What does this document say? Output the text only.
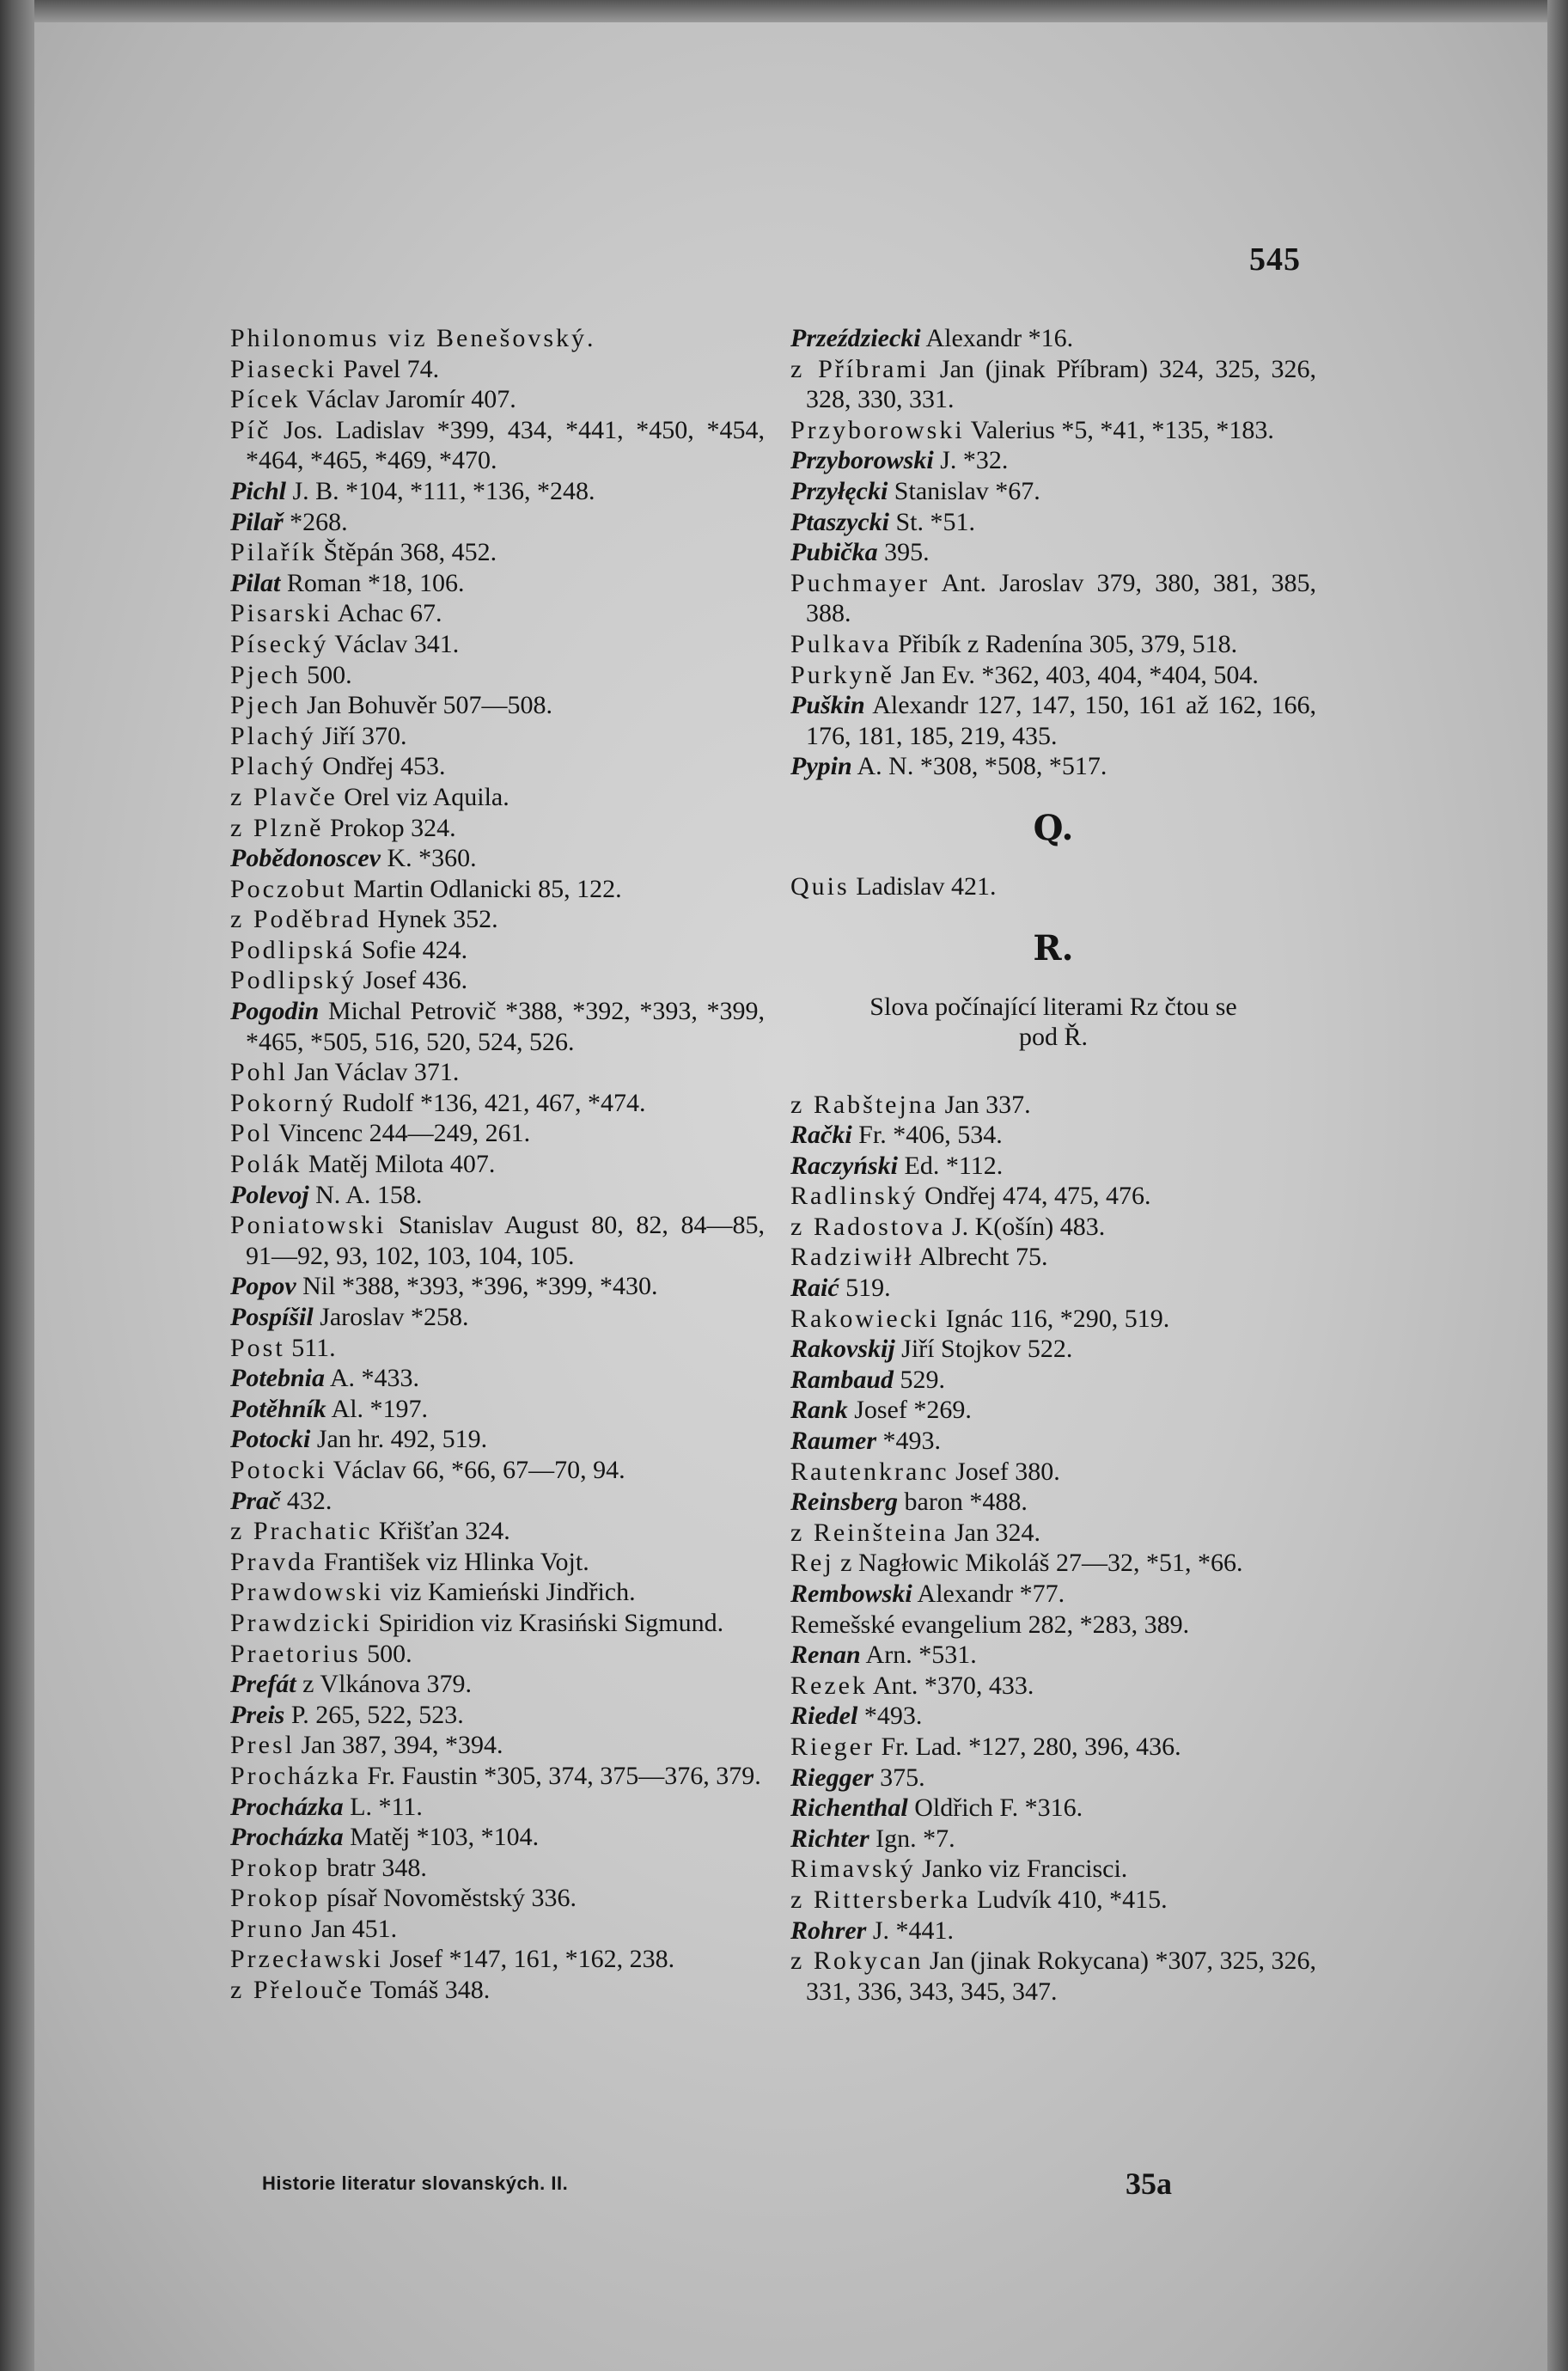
545

Philonomus viz Benešovský.

Piasecki Pavel 74.

Pícek Václav Jaromír 407.

Píč Jos. Ladislav *399, 434, *441, *450, *454, *464, *465, *469, *470.

Pichl J. B. *104, *111, *136, *248.

Pilař *268.

Pilařík Štěpán 368, 452.

Pilat Roman *18, 106.

Pisarski Achac 67.

Písecký Václav 341.

Pjech 500.

Pjech Jan Bohuvěr 507—508.

Plachý Jiří 370.

Plachý Ondřej 453.

z Plavče Orel viz Aquila.

z Plzně Prokop 324.

Pobědonoscev K. *360.

Poczobut Martin Odlanicki 85, 122.

z Poděbrad Hynek 352.

Podlipská Sofie 424.

Podlipský Josef 436.

Pogodin Michal Petrovič *388, *392, *393, *399, *465, *505, 516, 520, 524, 526.

Pohl Jan Václav 371.

Pokorný Rudolf *136, 421, 467, *474.

Pol Vincenc 244—249, 261.

Polák Matěj Milota 407.

Polevoj N. A. 158.

Poniatowski Stanislav August 80, 82, 84—85, 91—92, 93, 102, 103, 104, 105.

Popov Nil *388, *393, *396, *399, *430.

Pospíšil Jaroslav *258.

Post 511.

Potebnia A. *433.

Potěhník Al. *197.

Potocki Jan hr. 492, 519.

Potocki Václav 66, *66, 67—70, 94.

Prač 432.

z Prachatic Křišťan 324.

Pravda František viz Hlinka Vojt.

Prawdowski viz Kamieński Jindřich.

Prawdzicki Spiridion viz Krasiński Sigmund.

Praetorius 500.

Prefát z Vlkánova 379.

Preis P. 265, 522, 523.

Presl Jan 387, 394, *394.

Procházka Fr. Faustin *305, 374, 375—376, 379.

Procházka L. *11.

Procházka Matěj *103, *104.

Prokop bratr 348.

Prokop písař Novoměstský 336.

Pruno Jan 451.

Przecławski Josef *147, 161, *162, 238.

z Přelouče Tomáš 348.

Przeździecki Alexandr *16.

z Příbrami Jan (jinak Příbram) 324, 325, 326, 328, 330, 331.

Przyborowski Valerius *5, *41, *135, *183.

Przyborowski J. *32.

Przyłęcki Stanislav *67.

Ptaszycki St. *51.

Pubička 395.

Puchmayer Ant. Jaroslav 379, 380, 381, 385, 388.

Pulkava Přibík z Radenína 305, 379, 518.

Purkyně Jan Ev. *362, 403, 404, *404, 504.

Puškin Alexandr 127, 147, 150, 161 až 162, 166, 176, 181, 185, 219, 435.

Pypin A. N. *308, *508, *517.

Q.

Quis Ladislav 421.

R.

Slova počínající literami Rz čtou se
pod Ř.

z Rabštejna Jan 337.

Rački Fr. *406, 534.

Raczyński Ed. *112.

Radlinský Ondřej 474, 475, 476.

z Radostova J. K(ošín) 483.

Radziwiłł Albrecht 75.

Raić 519.

Rakowiecki Ignác 116, *290, 519.

Rakovskij Jiří Stojkov 522.

Rambaud 529.

Rank Josef *269.

Raumer *493.

Rautenkranc Josef 380.

Reinsberg baron *488.

z Reinšteina Jan 324.

Rej z Nagłowic Mikoláš 27—32, *51, *66.

Rembowski Alexandr *77.

Remešské evangelium 282, *283, 389.

Renan Arn. *531.

Rezek Ant. *370, 433.

Riedel *493.

Rieger Fr. Lad. *127, 280, 396, 436.

Riegger 375.

Richenthal Oldřich F. *316.

Richter Ign. *7.

Rimavský Janko viz Francisci.

z Rittersberka Ludvík 410, *415.

Rohrer J. *441.

z Rokycan Jan (jinak Rokycana) *307, 325, 326, 331, 336, 343, 345, 347.

Historie literatur slovanských. II.	35a
